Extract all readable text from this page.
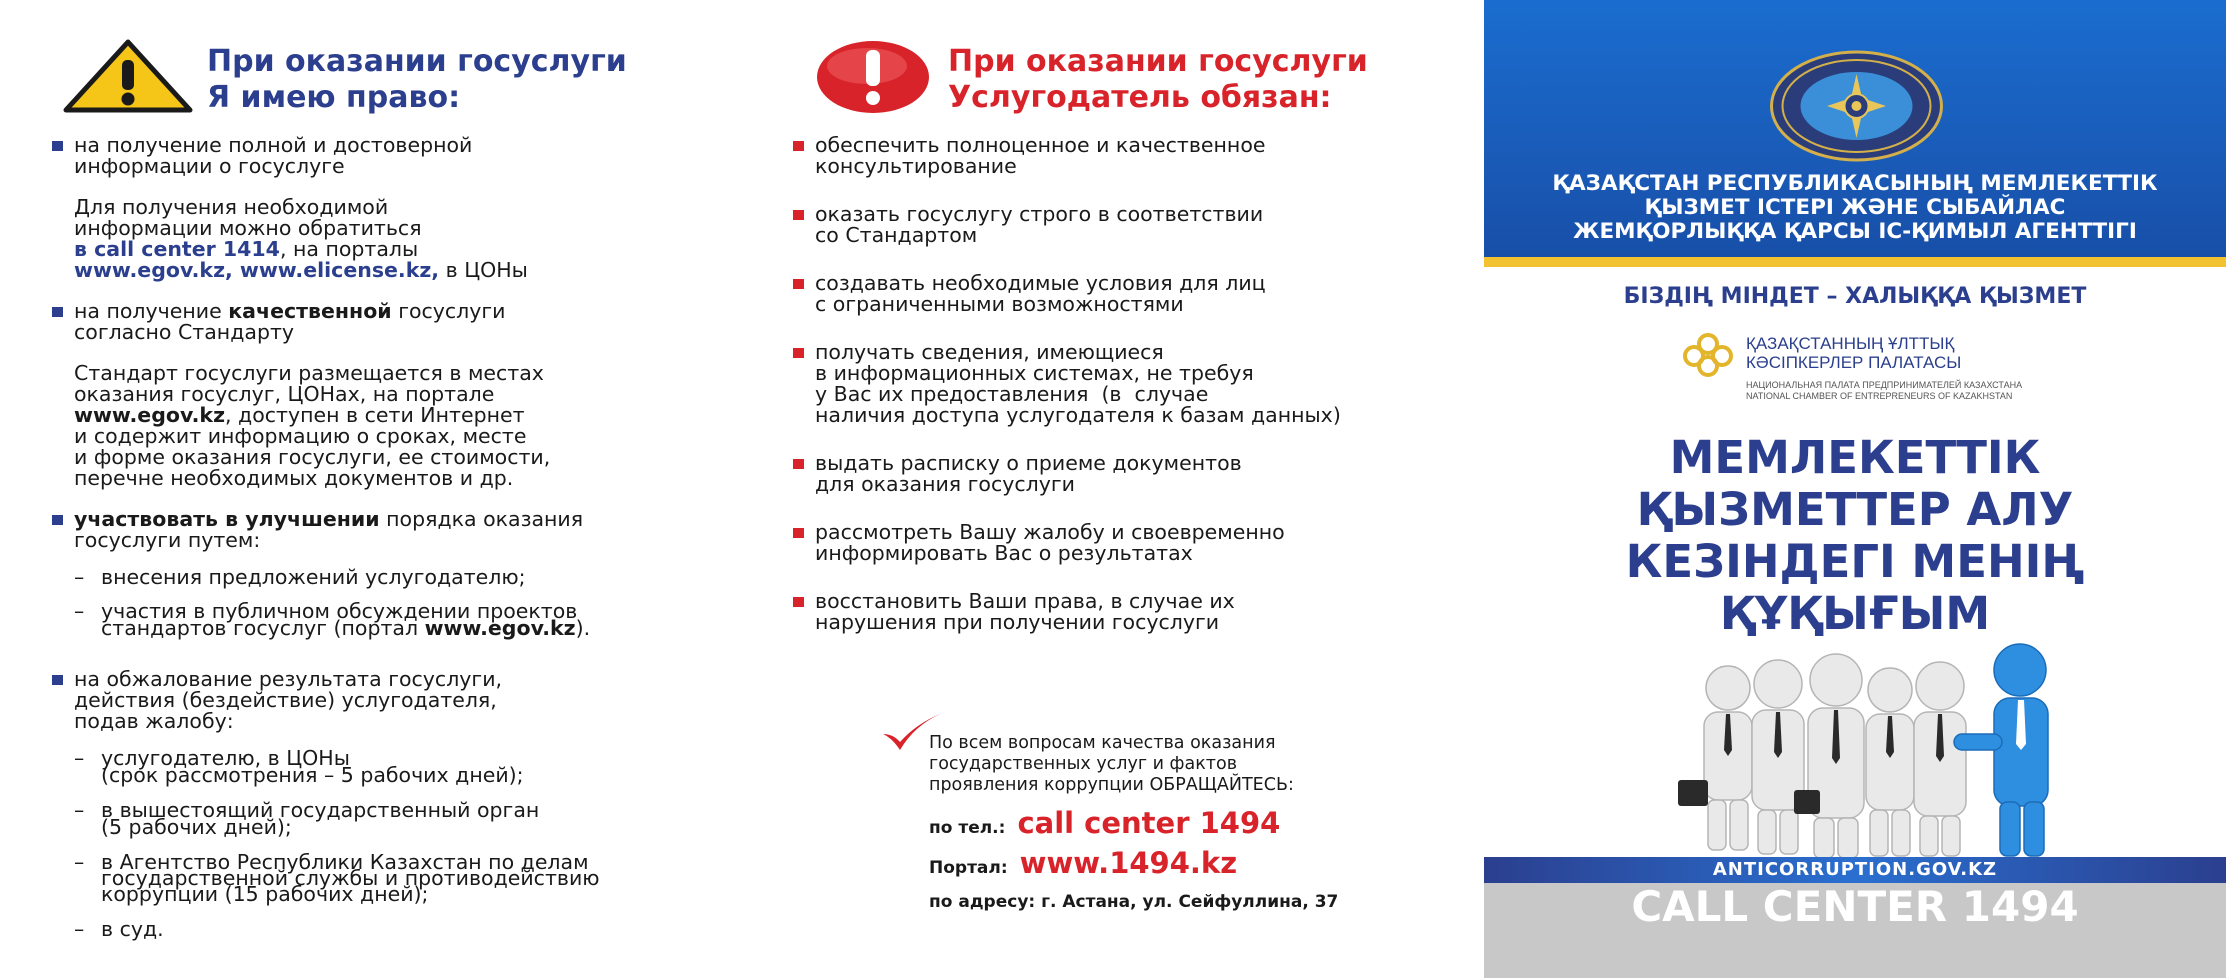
При оказании госуслуги
Я имею право:
на получение полной и достоверной
информации о госуслуге
Для получения необходимой
информации можно обратиться
в call center 1414, на порталы
www.egov.kz, www.elicense.kz, в ЦОНы
на получение качественной госуслуги
согласно Стандарту
Стандарт госуслуги размещается в местах
оказания госуслуг, ЦОНах, на портале
www.egov.kz, доступен в сети Интернет
и содержит информацию о сроках, месте
и форме оказания госуслуги, ее стоимости,
перечне необходимых документов и др.
участвовать в улучшении порядка оказания
госуслуги путем:
– внесения предложений услугодателю;
– участия в публичном обсуждении проектов
стандартов госуслуг (портал www.egov.kz).
на обжалование результата госуслуги,
действия (бездействие) услугодателя,
подав жалобу:
– услугодателю, в ЦОНы
(срок рассмотрения – 5 рабочих дней);
– в вышестоящий государственный орган
(5 рабочих дней);
– в Агентство Республики Казахстан по делам
государственной службы и противодействию
коррупции (15 рабочих дней);
– в суд.
При оказании госуслуги
Услугодатель обязан:
обеспечить полноценное и качественное
консультирование
оказать госуслугу строго в соответствии
со Стандартом
создавать необходимые условия для лиц
с ограниченными возможностями
получать сведения, имеющиеся
в информационных системах, не требуя
у Вас их предоставления  (в  случае
наличия доступа услугодателя к базам данных)
выдать расписку о приеме документов
для оказания госуслуги
рассмотреть Вашу жалобу и своевременно
информировать Вас о результатах
восстановить Ваши права, в случае их
нарушения при получении госуслуги
По всем вопросам качества оказания
государственных услуг и фактов
проявления коррупции ОБРАЩАЙТЕСЬ:
по тел.: call center 1494
Портал: www.1494.kz
по адресу: г. Астана, ул. Сейфуллина, 37
ҚАЗАҚСТАН РЕСПУБЛИКАСЫНЫҢ МЕМЛЕКЕТТІК
ҚЫЗМЕТ ІСТЕРІ ЖӘНЕ СЫБАЙЛАС
ЖЕМҚОРЛЫҚҚА ҚАРСЫ ІС-ҚИМЫЛ АГЕНТТІГІ
БІЗДІҢ МІНДЕТ – ХАЛЫҚҚА ҚЫЗМЕТ
ҚАЗАҚСТАННЫҢ ҰЛТТЫҚ
КӘСІПКЕРЛЕР ПАЛАТАСЫ
НАЦИОНАЛЬНАЯ ПАЛАТА ПРЕДПРИНИМАТЕЛЕЙ КАЗАХСТАНА
NATIONAL CHAMBER OF ENTREPRENEURS OF KAZAKHSTAN
МЕМЛЕКЕТТІК
ҚЫЗМЕТТЕР АЛУ
КЕЗІНДЕГІ МЕНІҢ
ҚҰҚЫҒЫМ
ANTICORRUPTION.GOV.KZ
CALL CENTER 1494
